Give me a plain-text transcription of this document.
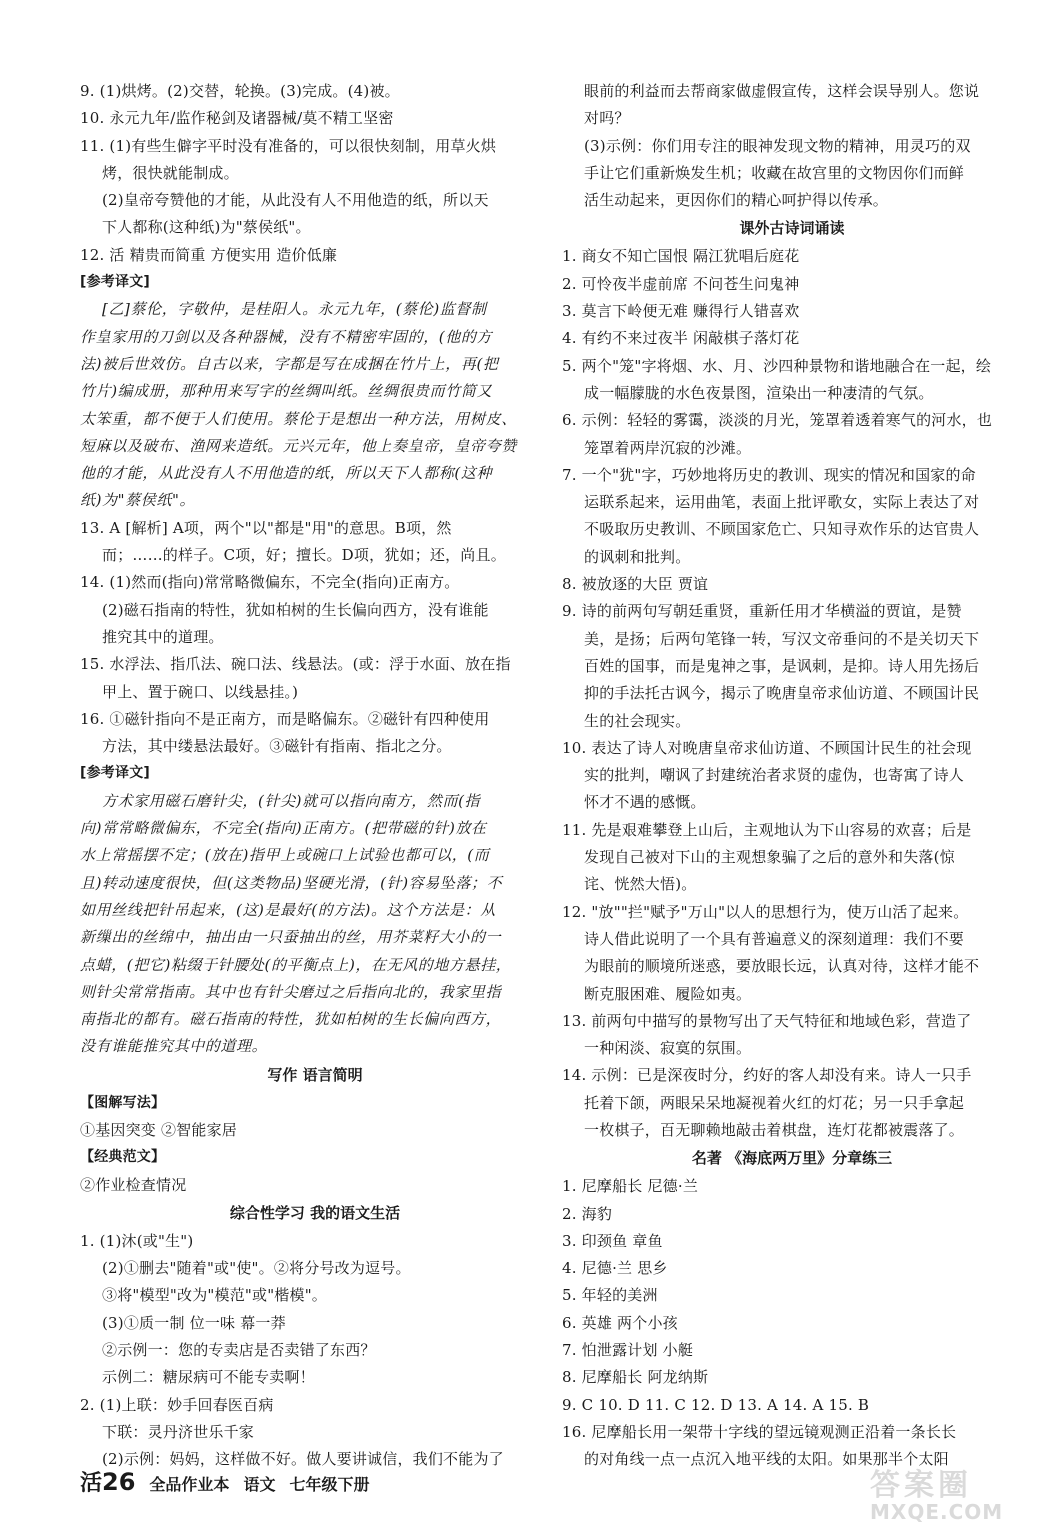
9. (1)烘烤。(2)交替，轮换。(3)完成。(4)被。
10. 永元九年/监作秘剑及诸器械/莫不精工坚密
11. (1)有些生僻字平时没有准备的，可以很快刻制，用草火烘
烤，很快就能制成。
(2)皇帝夸赞他的才能，从此没有人不用他造的纸，所以天
下人都称(这种纸)为"蔡侯纸"。
12. 活 精贵而简重 方便实用 造价低廉
[参考译文]
[乙]蔡伦，字敬仲，是桂阳人。永元九年，(蔡伦)监督制
作皇家用的刀剑以及各种器械，没有不精密牢固的，(他的方
法)被后世效仿。自古以来，字都是写在成捆在竹片上，再(把
竹片)编成册，那种用来写字的丝绸叫纸。丝绸很贵而竹简又
太笨重，都不便于人们使用。蔡伦于是想出一种方法，用树皮、
短麻以及破布、渔网来造纸。元兴元年，他上奏皇帝，皇帝夸赞
他的才能，从此没有人不用他造的纸，所以天下人都称(这种
纸)为"蔡侯纸"。
13. A [解析] A项，两个"以"都是"用"的意思。B项，然
而；……的样子。C项，好；擅长。D项，犹如；还，尚且。
14. (1)然而(指向)常常略微偏东，不完全(指向)正南方。
(2)磁石指南的特性，犹如柏树的生长偏向西方，没有谁能
推究其中的道理。
15. 水浮法、指爪法、碗口法、线悬法。(或：浮于水面、放在指
甲上、置于碗口、以线悬挂。)
16. ①磁针指向不是正南方，而是略偏东。②磁针有四种使用
方法，其中缕悬法最好。③磁针有指南、指北之分。
[参考译文]
方术家用磁石磨针尖，(针尖)就可以指向南方，然而(指
向)常常略微偏东，不完全(指向)正南方。(把带磁的针)放在
水上常摇摆不定；(放在)指甲上或碗口上试验也都可以，(而
且)转动速度很快，但(这类物品)坚硬光滑，(针)容易坠落；不
如用丝线把针吊起来，(这)是最好(的方法)。这个方法是：从
新缫出的丝绵中，抽出由一只蚕抽出的丝，用芥菜籽大小的一
点蜡，(把它)粘缀于针腰处(的平衡点上)，在无风的地方悬挂，
则针尖常常指南。其中也有针尖磨过之后指向北的，我家里指
南指北的都有。磁石指南的特性，犹如柏树的生长偏向西方，
没有谁能推究其中的道理。
写作 语言简明
【图解写法】
①基因突变 ②智能家居
【经典范文】
②作业检查情况
综合性学习 我的语文生活
1. (1)沐(或"生")
(2)①删去"随着"或"使"。②将分号改为逗号。
③将"模型"改为"模范"或"楷模"。
(3)①质一制 位一味 幕一莽
②示例一：您的专卖店是否卖错了东西？
示例二：糖尿病可不能专卖啊！
2. (1)上联：妙手回春医百病
下联：灵丹济世乐千家
(2)示例：妈妈，这样做不好。做人要讲诚信，我们不能为了
眼前的利益而去帮商家做虚假宣传，这样会误导别人。您说
对吗？
(3)示例：你们用专注的眼神发现文物的精神，用灵巧的双
手让它们重新焕发生机；收藏在故宫里的文物因你们而鲜
活生动起来，更因你们的精心呵护得以传承。
课外古诗词诵读
1. 商女不知亡国恨 隔江犹唱后庭花
2. 可怜夜半虚前席 不问苍生问鬼神
3. 莫言下岭便无难 赚得行人错喜欢
4. 有约不来过夜半 闲敲棋子落灯花
5. 两个"笼"字将烟、水、月、沙四种景物和谐地融合在一起，绘
成一幅朦胧的水色夜景图，渲染出一种凄清的气氛。
6. 示例：轻轻的雾霭，淡淡的月光，笼罩着透着寒气的河水，也
笼罩着两岸沉寂的沙滩。
7. 一个"犹"字，巧妙地将历史的教训、现实的情况和国家的命
运联系起来，运用曲笔，表面上批评歌女，实际上表达了对
不吸取历史教训、不顾国家危亡、只知寻欢作乐的达官贵人
的讽刺和批判。
8. 被放逐的大臣 贾谊
9. 诗的前两句写朝廷重贤，重新任用才华横溢的贾谊，是赞
美，是扬；后两句笔锋一转，写汉文帝垂问的不是关切天下
百姓的国事，而是鬼神之事，是讽刺，是抑。诗人用先扬后
抑的手法托古讽今，揭示了晚唐皇帝求仙访道、不顾国计民
生的社会现实。
10. 表达了诗人对晚唐皇帝求仙访道、不顾国计民生的社会现
实的批判，嘲讽了封建统治者求贤的虚伪，也寄寓了诗人
怀才不遇的感慨。
11. 先是艰难攀登上山后，主观地认为下山容易的欢喜；后是
发现自己被对下山的主观想象骗了之后的意外和失落(惊
诧、恍然大悟)。
12. "放""拦"赋予"万山"以人的思想行为，使万山活了起来。
诗人借此说明了一个具有普遍意义的深刻道理：我们不要
为眼前的顺境所迷惑，要放眼长远，认真对待，这样才能不
断克服困难、履险如夷。
13. 前两句中描写的景物写出了天气特征和地域色彩，营造了
一种闲淡、寂寞的氛围。
14. 示例：已是深夜时分，约好的客人却没有来。诗人一只手
托着下颌，两眼呆呆地凝视着火红的灯花；另一只手拿起
一枚棋子，百无聊赖地敲击着棋盘，连灯花都被震落了。
名著 《海底两万里》分章练三
1. 尼摩船长 尼德·兰
2. 海豹
3. 印颈鱼 章鱼
4. 尼德·兰 思乡
5. 年轻的美洲
6. 英雄 两个小孩
7. 怕泄露计划 小艇
8. 尼摩船长 阿龙纳斯
9. C 10. D 11. C 12. D 13. A 14. A 15. B
16. 尼摩船长用一架带十字线的望远镜观测正沿着一条长长
的对角线一点一点沉入地平线的太阳。如果那半个太阳
活26 全品作业本 语文 七年级下册	答案圈
MXQE.COM
